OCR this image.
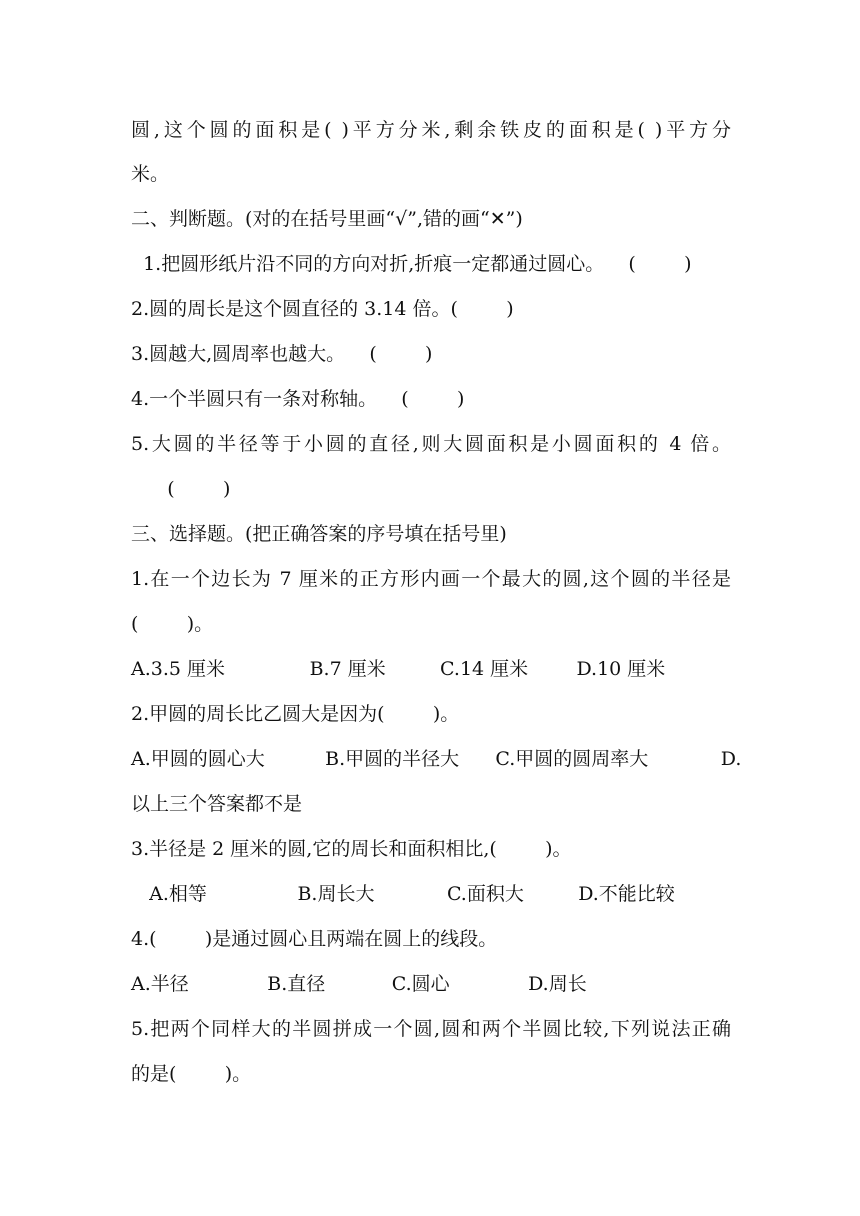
圆,这个圆的面积是( )平方分米,剩余铁皮的面积是( )平方分
米。
二、判断题。(对的在括号里画“√”,错的画“✕”)
1.把圆形纸片沿不同的方向对折,折痕一定都通过圆心。    (        )
2.圆的周长是这个圆直径的 3.14 倍。(        )
3.圆越大,圆周率也越大。    (        )
4.一个半圆只有一条对称轴。    (        )
5.大圆的半径等于小圆的直径,则大圆面积是小圆面积的 4 倍。
(        )
三、选择题。(把正确答案的序号填在括号里)
1.在一个边长为 7 厘米的正方形内画一个最大的圆,这个圆的半径是
(        )。
A.3.5 厘米              B.7 厘米         C.14 厘米        D.10 厘米
2.甲圆的周长比乙圆大是因为(        )。
A.甲圆的圆心大          B.甲圆的半径大      C.甲圆的圆周率大            D.
以上三个答案都不是
3.半径是 2 厘米的圆,它的周长和面积相比,(        )。
A.相等               B.周长大            C.面积大         D.不能比较
4.(        )是通过圆心且两端在圆上的线段。
A.半径             B.直径           C.圆心             D.周长
5.把两个同样大的半圆拼成一个圆,圆和两个半圆比较,下列说法正确
的是(        )。
